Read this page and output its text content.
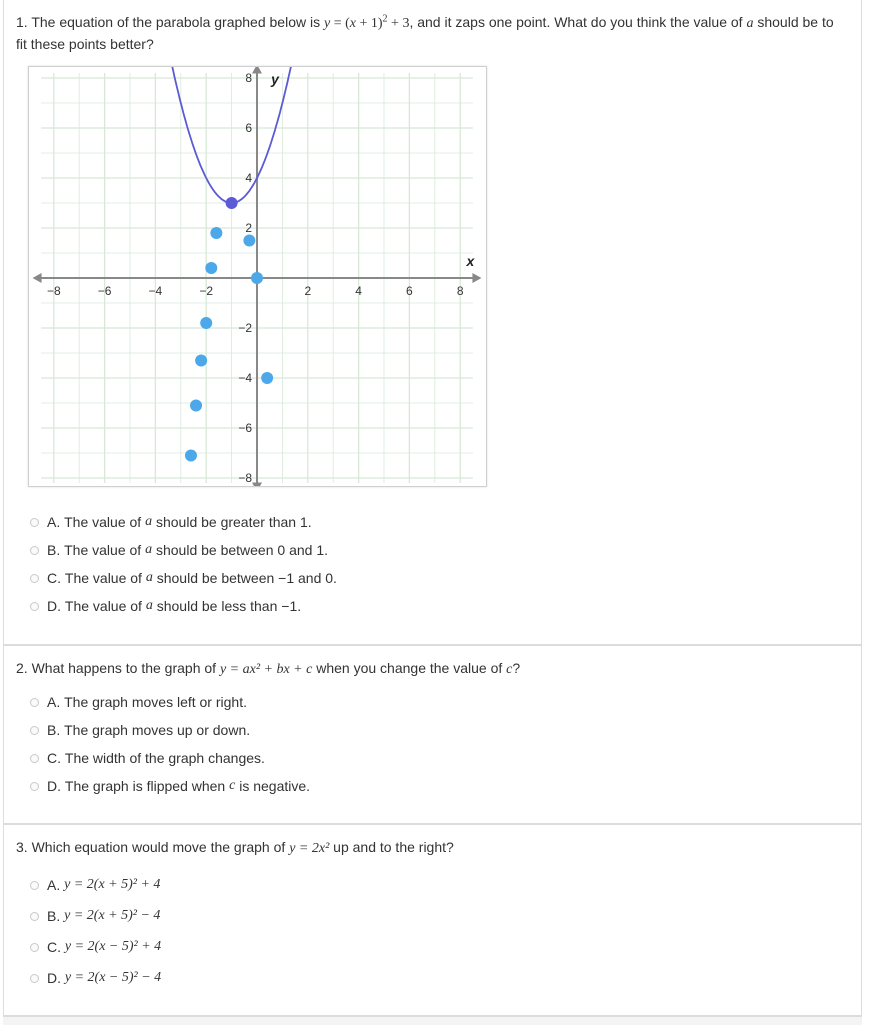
1. The equation of the parabola graphed below is $y = (x + 1)^2 + 3$, and it zaps one point. What do you think the value of a should be to fit these points better?
−8	−6	−4	−2	2	4	6	8
−8
−6
−4
−2
2
4
6
8
x
y
A.
The value of
a
should be greater than 1.
B.
The value of
a
should be between 0 and 1.
C.
The value of
a
should be between −1 and 0.
D.
The value of
a
should be less than −1.
2. What happens to the graph of y = ax² + bx + c when you change the value of c?
A.
The graph moves left or right.
B.
The graph moves up or down.
C.
The width of the graph changes.
D.
The graph is flipped when
c
is negative.
3. Which equation would move the graph of y = 2x² up and to the right?
A.
y = 2(x + 5)² + 4
B.
y = 2(x + 5)² − 4
C.
y = 2(x − 5)² + 4
D.
y = 2(x − 5)² − 4
